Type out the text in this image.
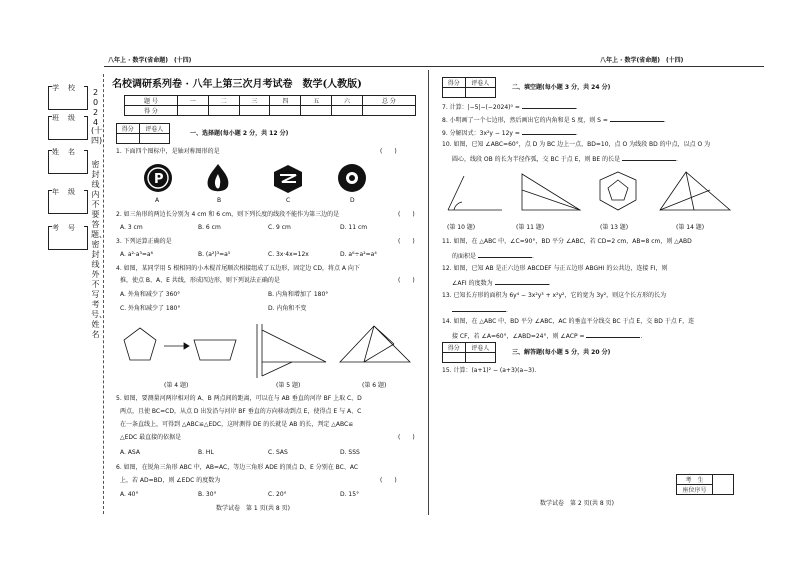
八年上 · 数学(省命题)　(十四)	八年上 · 数学(省命题)　(十四)
学校
班级
姓名
年级
考号
2024
(十四)
密封线内不要答题、密封线外不写考号、姓名
名校调研系列卷 · 八年上第三次月考试卷　数学(人教版)
题 号	一	二	三	四	五	六	总 分
得 分							
得分	评卷人

一、选择题(每小题 2 分，共 12 分)
1. 下面四个图标中，是轴对称图形的是	(　　)
P
A	B	C	D
2. 如三角形的两边长分别为 4 cm 和 6 cm，则下列长度的线段不能作为第三边的是	(　　)
A. 3 cm	B. 6 cm	C. 9 cm	D. 11 cm
3. 下列运算正确的是	(　　)
A. a²·a³=a⁶	B. (a²)³=a⁵	C. 3x·4x=12x	D. a⁶÷a²=a⁴
4. 如图，某同学用 5 根相同的小木棍首尾顺次相接组成了五边形，固定边 CD，将点 A 向下
推，使点 B、A、E 共线，形成四边形，则下列说法正确的是	(　　)
A. 外角和减少了 360°	B. 内角和增加了 180°
C. 外角和减少了 180°	D. 内角和不变
(第 4 题)	(第 5 题)	(第 6 题)
5. 如图，要测量河两岸相对的 A、B 两点间的距离，可以在与 AB 垂直的河岸 BF 上取 C、D
两点，且使 BC=CD，从点 D 出发沿与河岸 BF 垂直的方向移动到点 E，使得点 E 与 A、C
在一条直线上，可得到 △ABC≌△EDC，这时测得 DE 的长就是 AB 的长，判定 △ABC≌
△EDC 最直接的依据是	(　　)
A. ASA	B. HL	C. SAS	D. SSS
6. 如图，在锐角三角形 ABC 中，AB=AC，等边三角形 ADE 的顶点 D、E 分别在 BC、AC
上，若 AD=BD，则 ∠EDC 的度数为	(　　)
A. 40°	B. 30°	C. 20°	D. 15°
数学试卷　第 1 页(共 8 页)
得分	评卷人

二、填空题(每小题 3 分，共 24 分)
7. 计算：|−5|−(−2024)⁰ =	.
8. 小明画了一个七边形，然后画出它的内角和是 S 度，则 S =	.
9. 分解因式：3x²y − 12y =	.
10. 如图，已知 ∠ABC=60°，点 D 为 BC 边上一点，BD=10，点 O 为线段 BD 的中点，以点 O 为
圆心，线段 OB 的长为半径作弧，交 BC 于点 E，则 BE 的长是	.
(第 10 题)	(第 11 题)	(第 13 题)	(第 14 题)
11. 如图，在 △ABC 中，∠C=90°，BD 平分 ∠ABC，若 CD=2 cm，AB=8 cm，则 △ABD
的面积是	.
12. 如图，已知 AB 是正六边形 ABCDEF 与正五边形 ABGHI 的公共边，连接 FI，则
∠AFI 的度数为	.
13. 已知长方形的面积为 6y⁴ − 3x²y³ + x²y²，它的宽为 3y²，则这个长方形的长为
.
14. 如图，在 △ABC 中，BD 平分 ∠ABC，AC 的垂直平分线交 BC 于点 E，交 BD 于点 F，连
接 CF，若 ∠A=60°，∠ABD=24°，则 ∠ACP =	.
得分	评卷人

三、解答题(每小题 5 分，共 20 分)
15. 计算：(a+1)² − (a+3)(a−3).
考　生	
座位序号
数学试卷　第 2 页(共 8 页)
